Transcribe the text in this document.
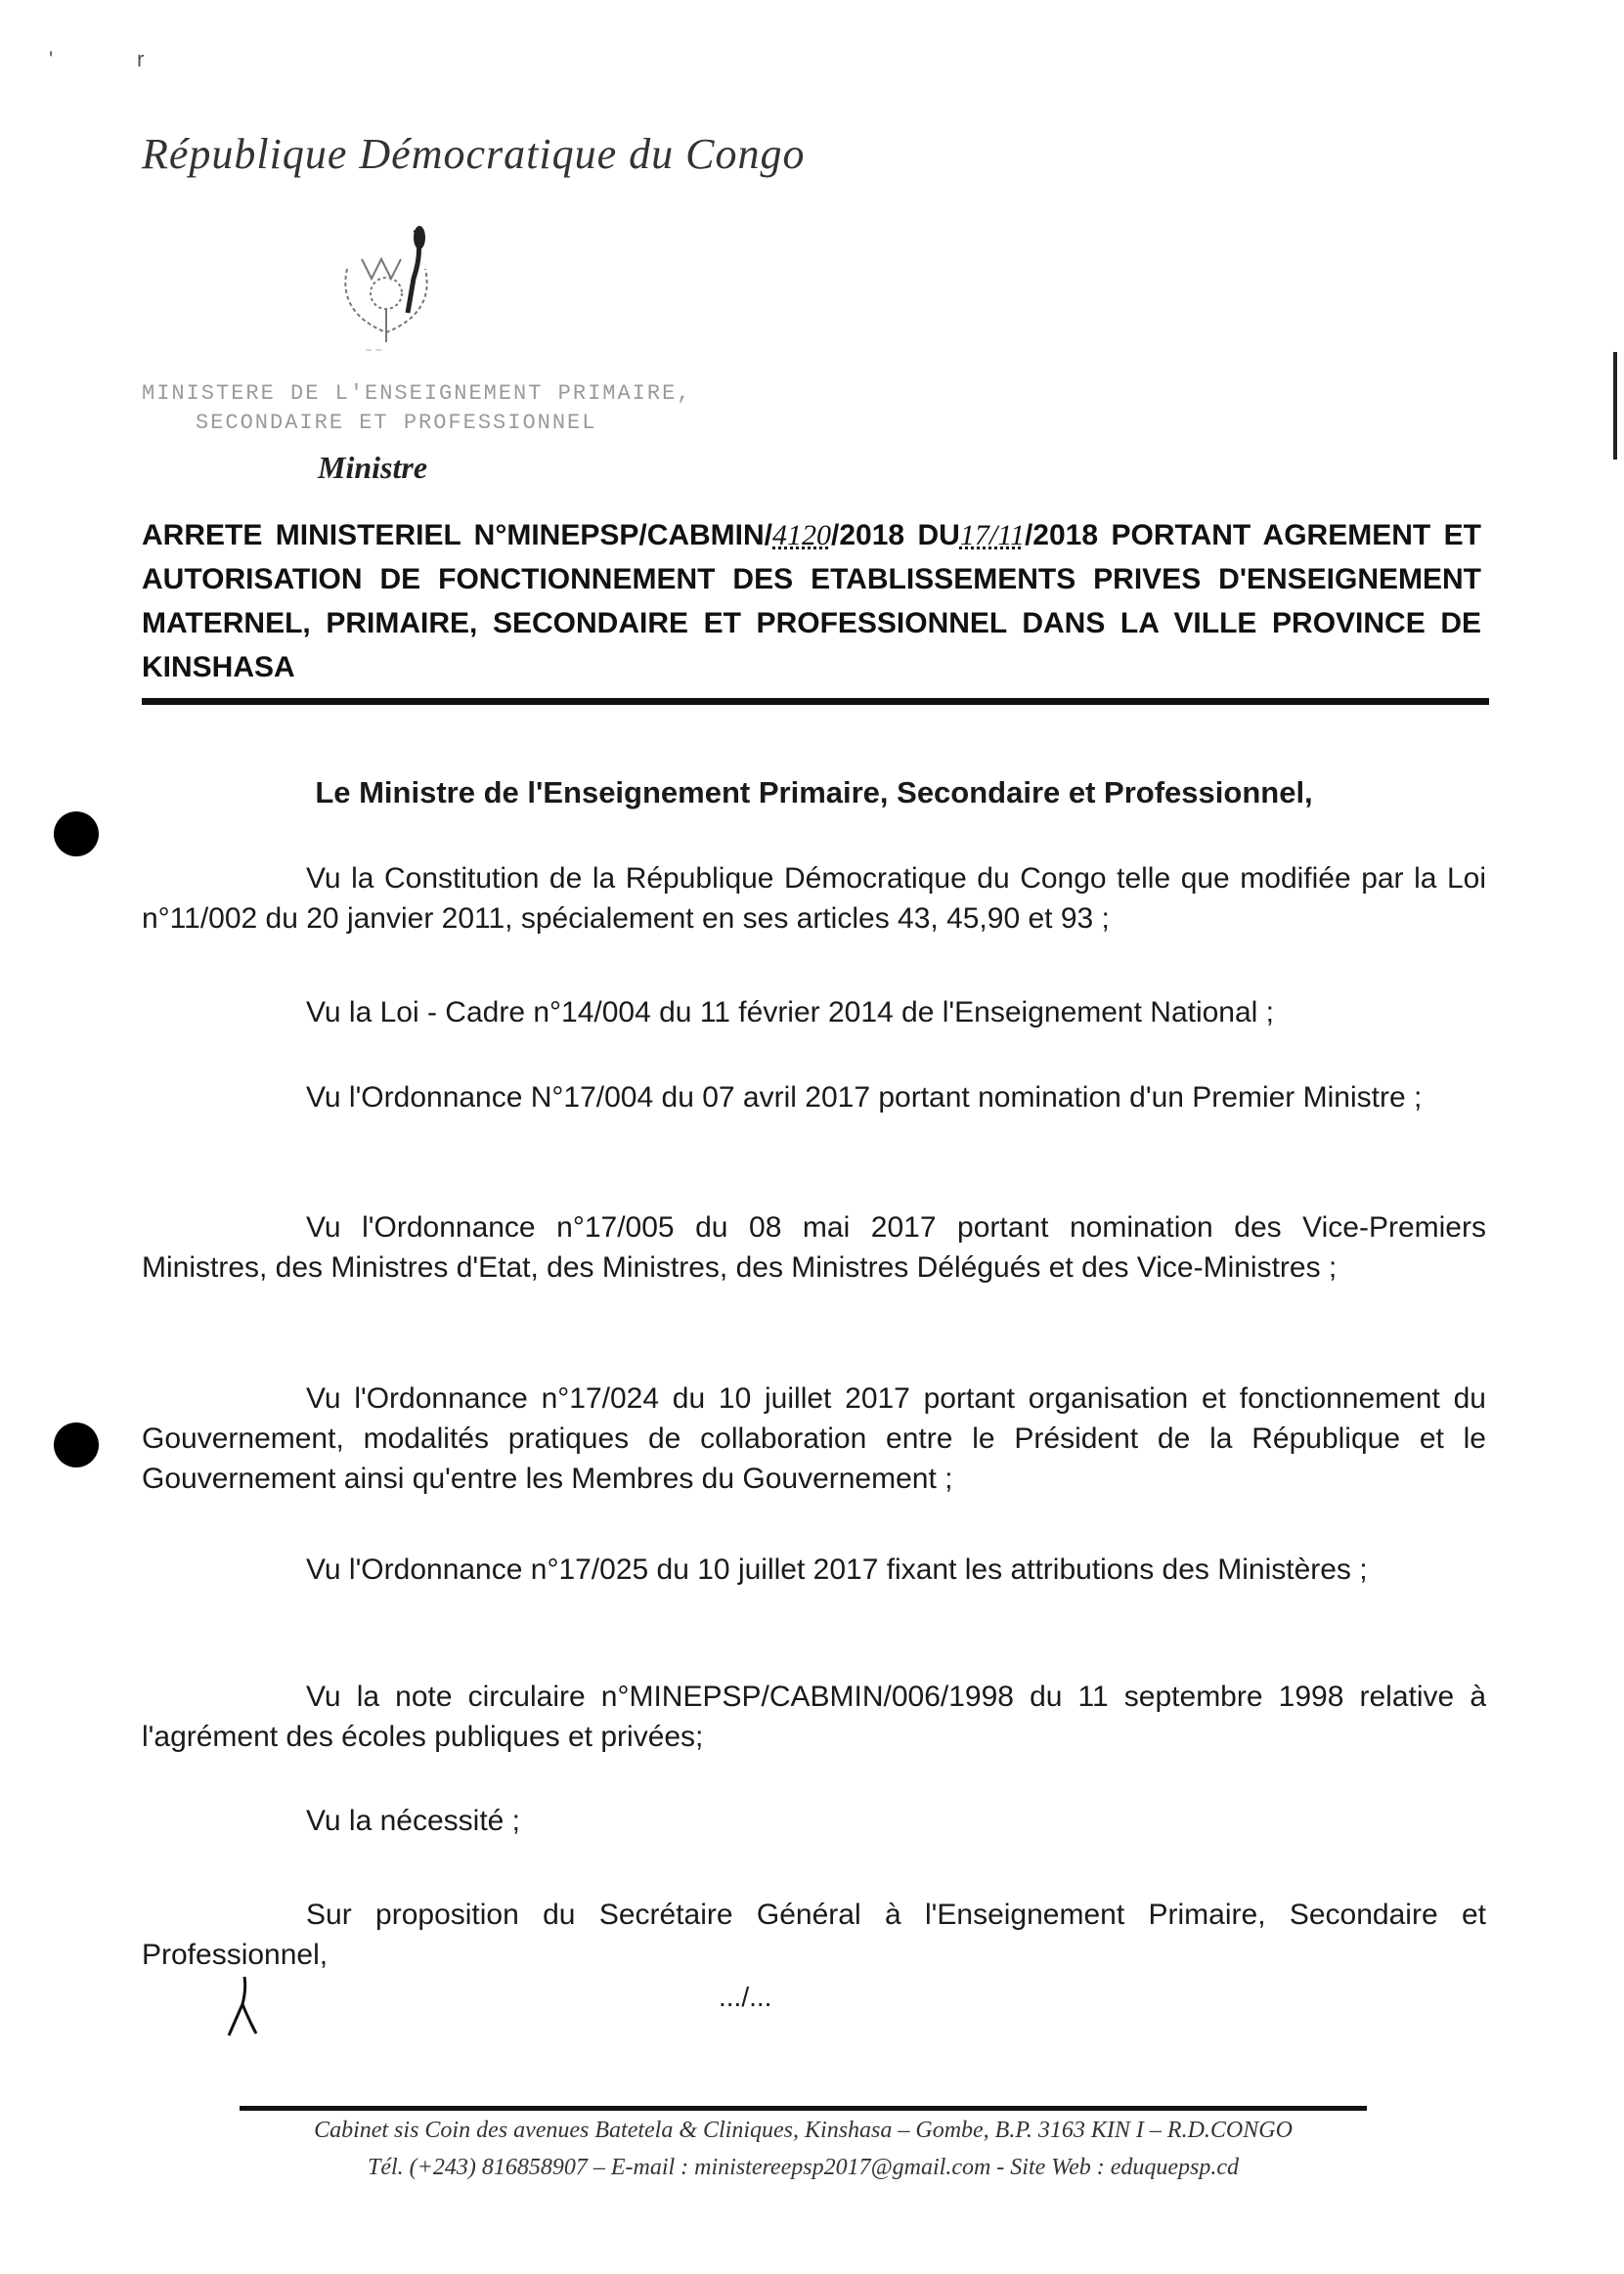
'	r
République Démocratique du Congo
~ ~
MINISTERE DE L'ENSEIGNEMENT PRIMAIRE,
SECONDAIRE ET PROFESSIONNEL
Ministre
ARRETE MINISTERIEL N°MINEPSP/CABMIN/4120/2018 DU17/11/2018 PORTANT AGREMENT ET AUTORISATION DE FONCTIONNEMENT DES ETABLISSEMENTS PRIVES D'ENSEIGNEMENT MATERNEL, PRIMAIRE, SECONDAIRE ET PROFESSIONNEL DANS LA VILLE PROVINCE DE KINSHASA
Le Ministre de l'Enseignement Primaire, Secondaire et Professionnel,
Vu la Constitution de la République Démocratique du Congo telle que modifiée par la Loi n°11/002 du 20 janvier 2011, spécialement en ses articles 43, 45,90 et 93 ;
Vu la Loi - Cadre n°14/004 du 11 février 2014 de l'Enseignement National ;
Vu l'Ordonnance N°17/004 du 07 avril 2017 portant nomination d'un Premier Ministre ;
Vu l'Ordonnance n°17/005 du 08 mai 2017 portant nomination des Vice-Premiers Ministres, des Ministres d'Etat, des Ministres, des Ministres Délégués et des Vice-Ministres ;
Vu l'Ordonnance n°17/024 du 10 juillet 2017 portant organisation et fonctionnement du Gouvernement, modalités pratiques de collaboration entre le Président de la République et le Gouvernement ainsi qu'entre les Membres du Gouvernement ;
Vu l'Ordonnance n°17/025 du 10 juillet 2017 fixant les attributions des Ministères ;
Vu la note circulaire n°MINEPSP/CABMIN/006/1998 du 11 septembre 1998 relative à l'agrément des écoles publiques et privées;
Vu la nécessité ;
Sur proposition du Secrétaire Général à l'Enseignement Primaire, Secondaire et Professionnel,
.../...
Cabinet sis Coin des avenues Batetela & Cliniques, Kinshasa – Gombe, B.P. 3163 KIN I – R.D.CONGO
Tél. (+243) 816858907 – E-mail : ministereepsp2017@gmail.com - Site Web : eduquepsp.cd
